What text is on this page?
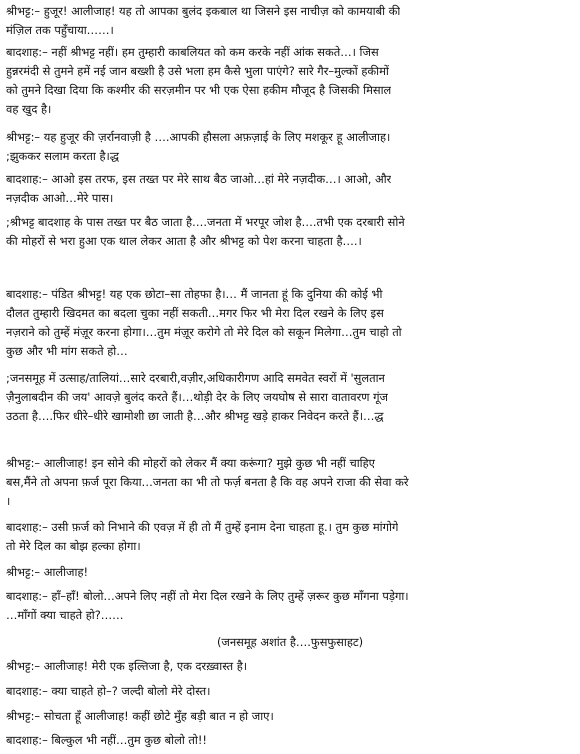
श्रीभट्ट:– हुजूर! आलीजाह! यह तो आपका बुलंद इकबाल था जिसने इस नाचीज़ को कामयाबी की
मंज़िल तक पहुँचाया……।

बादशाह:– नहीं श्रीभट्ट नहीं। हम तुम्हारी काबलियत को कम करके नहीं आंक सकते…। जिस
हुन्नरमंदी से तुमने हमें नई जान बख्शी है उसे भला हम कैसे भुला पाएंगे? सारे गैर–मुल्कों हकीमों
को तुमने दिखा दिया कि कश्मीर की सरज़मीन पर भी एक ऐसा हकीम मौजूद है जिसकी मिसाल
वह खुद है।

श्रीभट्ट:– यह हुजूर की ज़र्रानवाज़ी है ….आपकी हौसला अफ़ज़ाई के लिए मशकूर हू आलीजाह।
;झुककर सलाम करता है।द्ध

बादशाह:– आओ इस तरफ, इस तख्त पर मेरे साथ बैठ जाओ…हां मेरे नज़दीक…। आओ, और
नज़दीक आओ…मेरे पास।

;श्रीभट्ट बादशाह के पास तख्त पर बैठ जाता है….जनता में भरपूर जोश है….तभी एक दरबारी सोने
की मोहरों से भरा हुआ एक थाल लेकर आता है और श्रीभट्ट को पेश करना चाहता है….।

बादशाह:– पंडित श्रीभट्ट! यह एक छोटा–सा तोहफा है।… मैं जानता हूं कि दुनिया की कोई भी
दौलत तुम्हारी खिदमत का बदला चुका नहीं सकती…मगर फिर भी मेरा दिल रखने के लिए इस
नज़राने को तुम्हें मंज़ूर करना होगा।…तुम मंज़ूर करोगे तो मेरे दिल को सकून मिलेगा…तुम चाहो तो
कुछ और भी मांग सकते हो…

;जनसमूह में उत्साह/तालियां…सारे दरबारी,वज़ीर,अधिकारीगण आदि समवेत स्वरों में 'सुलतान
ज़ैनुलाबदीन की जय' आवज़े बुलंद करते हैं।…थोड़ी देर के लिए जयघोष से सारा वातावरण गूंज
उठता है….फिर धीरे–धीरे खामोशी छा जाती है…और श्रीभट्ट खड़े हाकर निवेदन करते हैं।…द्ध

श्रीभट्ट:– आलीजाह! इन सोने की मोहरों को लेकर मैं क्या करूंगा? मुझे कुछ भी नहीं चाहिए
बस,मैंने तो अपना फ़र्ज पूरा किया…जनता का भी तो फर्ज़ बनता है कि वह अपने राजा की सेवा करे
।

बादशाह:– उसी फ़र्ज को निभाने की एवज़ में ही तो मैं तुम्हें इनाम देना चाहता हू.। तुम कुछ मांगोगे
तो मेरे दिल का बोझ हल्का होगा।

श्रीभट्ट:– आलीजाह!

बादशाह:– हाँ–हाँ! बोलो…अपने लिए नहीं तो मेरा दिल रखने के लिए तुम्हें ज़रूर कुछ माँगना पड़ेगा।
…माँगों क्या चाहते हो?……

(जनसमूह अशांत है….फुसफुसाहट)

श्रीभट्ट:– आलीजाह! मेरी एक इल्तिजा है, एक दरख़्वास्त है।

बादशाह:– क्या चाहते हो–? जल्दी बोलो मेरे दोस्त।

श्रीभट्ट:– सोचता हूँ आलीजाह! कहीं छोटे मुँह बड़ी बात न हो जाए।

बादशाह:– बिल्कुल भी नहीं…तुम कुछ बोलो तो!!
